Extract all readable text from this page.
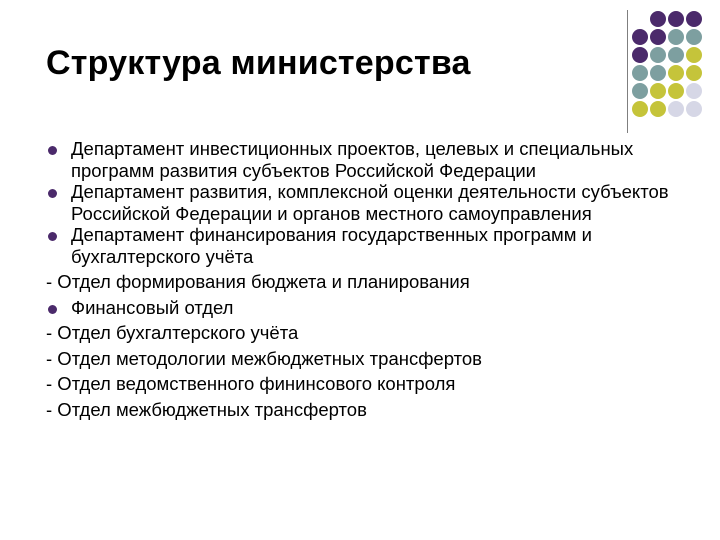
Структура министерства

Департамент инвестиционных проектов, целевых и специальных программ развития субъектов Российской Федерации

Департамент развития, комплексной оценки деятельности субъектов Российской Федерации и органов местного самоуправления

Департамент финансирования государственных программ и бухгалтерского учёта

- Отдел формирования бюджета и планирования

Финансовый отдел

- Отдел бухгалтерского учёта

- Отдел методологии межбюджетных трансфертов

- Отдел ведомственного фининсового контроля

- Отдел межбюджетных трансфертов
